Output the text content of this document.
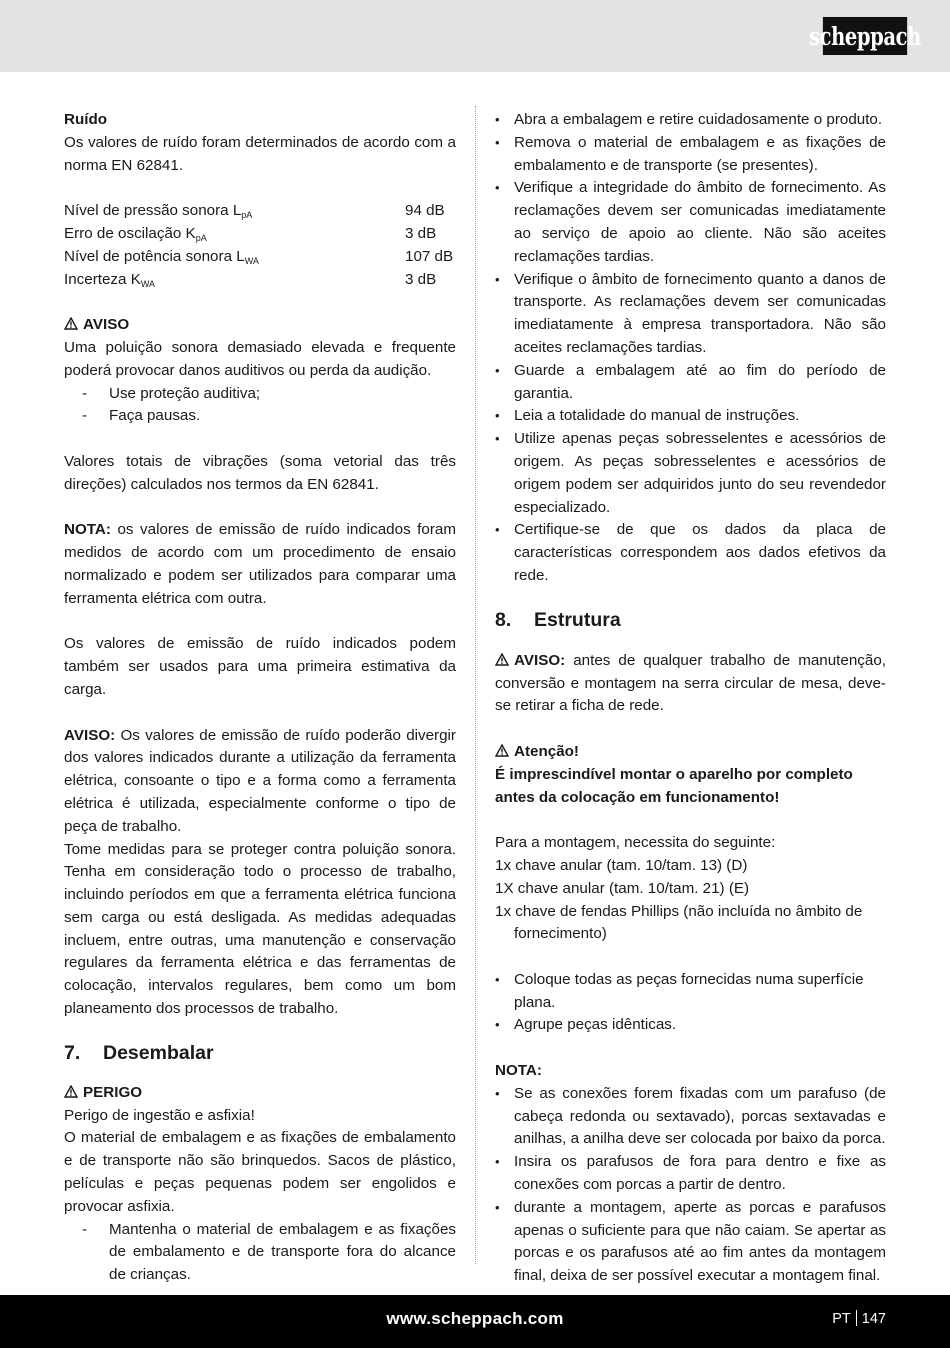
scheppach
Ruído
Os valores de ruído foram determinados de acordo com a norma EN 62841.
Nível de pressão sonora $L_{pA}$	94 dB
Erro de oscilação $K_{pA}$	3 dB
Nível de potência sonora $L_{WA}$	107 dB
Incerteza $K_{WA}$	3 dB
AVISO
Uma poluição sonora demasiado elevada e frequente poderá provocar danos auditivos ou perda da audição.
-	Use proteção auditiva;
-	Faça pausas.
Valores totais de vibrações (soma vetorial das três direções) calculados nos termos da EN 62841.
NOTA: os valores de emissão de ruído indicados foram medidos de acordo com um procedimento de ensaio normalizado e podem ser utilizados para comparar uma ferramenta elétrica com outra.
Os valores de emissão de ruído indicados podem também ser usados para uma primeira estimativa da carga.
AVISO: Os valores de emissão de ruído poderão divergir dos valores indicados durante a utilização da ferramenta elétrica, consoante o tipo e a forma como a ferramenta elétrica é utilizada, especialmente conforme o tipo de peça de trabalho.
Tome medidas para se proteger contra poluição sonora. Tenha em consideração todo o processo de trabalho, incluindo períodos em que a ferramenta elétrica funciona sem carga ou está desligada. As medidas adequadas incluem, entre outras, uma manutenção e conservação regulares da ferramenta elétrica e das ferramentas de colocação, intervalos regulares, bem como um bom planeamento dos processos de trabalho.
7.	Desembalar
PERIGO
Perigo de ingestão e asfixia!
O material de embalagem e as fixações de embalamento e de transporte não são brinquedos. Sacos de plástico, películas e peças pequenas podem ser engolidos e provocar asfixia.
-	Mantenha o material de embalagem e as fixações de embalamento e de transporte fora do alcance de crianças.
• Abra a embalagem e retire cuidadosamente o produto.
• Remova o material de embalagem e as fixações de embalamento e de transporte (se presentes).
• Verifique a integridade do âmbito de fornecimento. As reclamações devem ser comunicadas imediatamente ao serviço de apoio ao cliente. Não são aceites reclamações tardias.
• Verifique o âmbito de fornecimento quanto a danos de transporte. As reclamações devem ser comunicadas imediatamente à empresa transportadora. Não são aceites reclamações tardias.
• Guarde a embalagem até ao fim do período de garantia.
• Leia a totalidade do manual de instruções.
• Utilize apenas peças sobresselentes e acessórios de origem. As peças sobresselentes e acessórios de origem podem ser adquiridos junto do seu revendedor especializado.
• Certifique-se de que os dados da placa de características correspondem aos dados efetivos da rede.
8.	Estrutura
AVISO: antes de qualquer trabalho de manutenção, conversão e montagem na serra circular de mesa, deve-se retirar a ficha de rede.
Atenção!
É imprescindível montar o aparelho por completo antes da colocação em funcionamento!
Para a montagem, necessita do seguinte:
1x chave anular (tam. 10/tam. 13) (D)
1X chave anular (tam. 10/tam. 21) (E)
1x chave de fendas Phillips (não incluída no âmbito de fornecimento)
• Coloque todas as peças fornecidas numa superfície plana.
• Agrupe peças idênticas.
NOTA:
• Se as conexões forem fixadas com um parafuso (de cabeça redonda ou sextavado), porcas sextavadas e anilhas, a anilha deve ser colocada por baixo da porca.
• Insira os parafusos de fora para dentro e fixe as conexões com porcas a partir de dentro.
• durante a montagem, aperte as porcas e parafusos apenas o suficiente para que não caiam. Se apertar as porcas e os parafusos até ao fim antes da montagem final, deixa de ser possível executar a montagem final.
www.scheppach.com	PT 147
